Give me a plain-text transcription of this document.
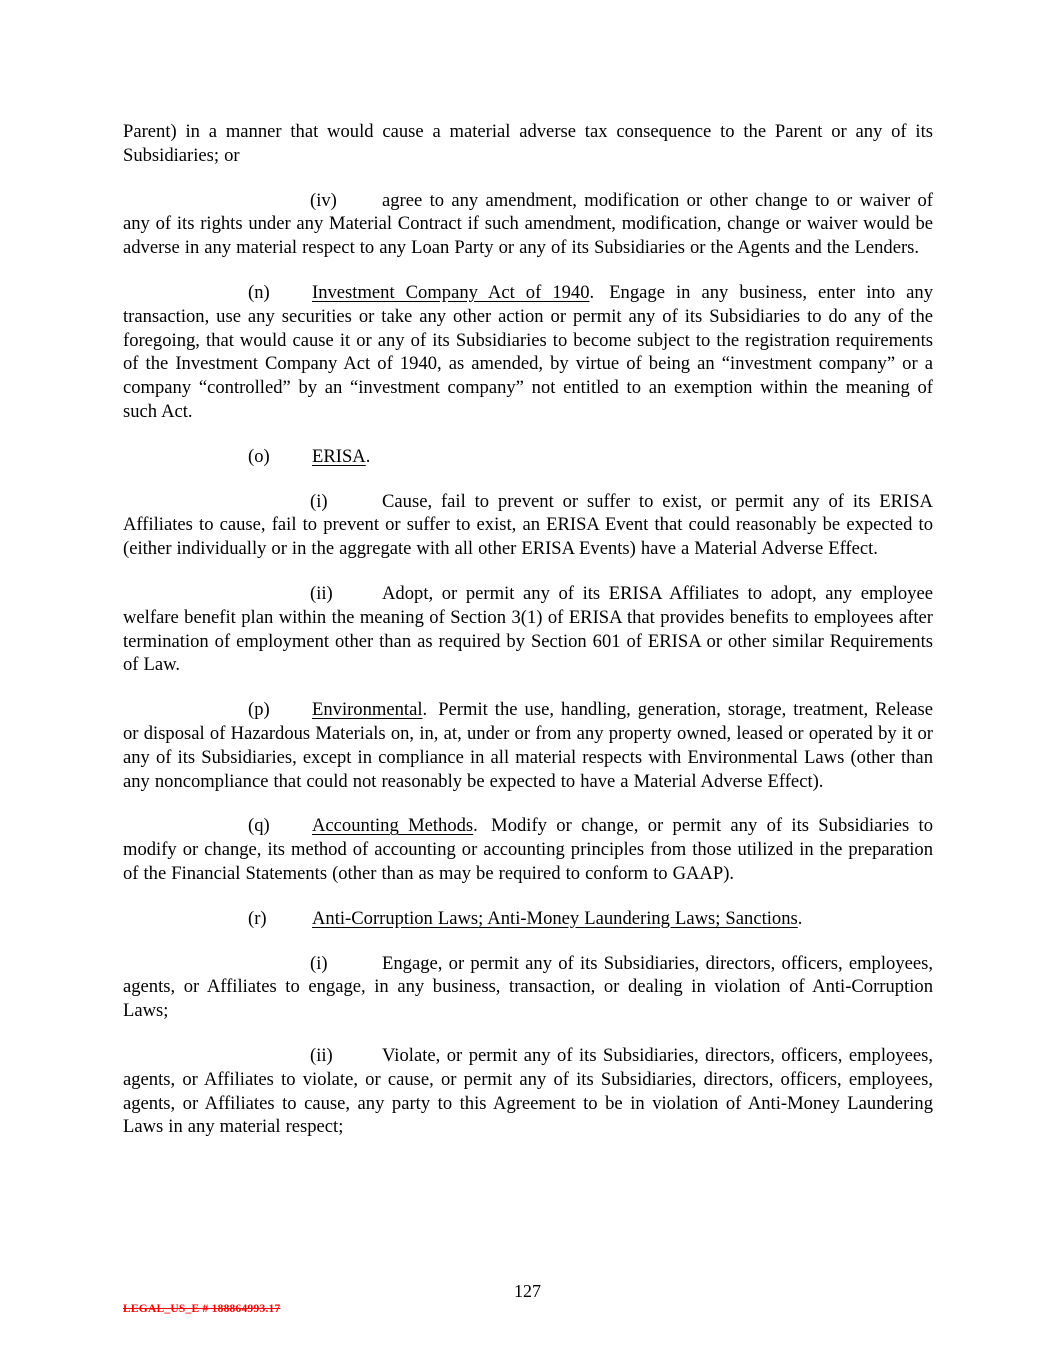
Parent) in a manner that would cause a material adverse tax consequence to the Parent or any of its Subsidiaries; or

(iv) agree to any amendment, modification or other change to or waiver of any of its rights under any Material Contract if such amendment, modification, change or waiver would be adverse in any material respect to any Loan Party or any of its Subsidiaries or the Agents and the Lenders.

(n) Investment Company Act of 1940. Engage in any business, enter into any transaction, use any securities or take any other action or permit any of its Subsidiaries to do any of the foregoing, that would cause it or any of its Subsidiaries to become subject to the registration requirements of the Investment Company Act of 1940, as amended, by virtue of being an “investment company” or a company “controlled” by an “investment company” not entitled to an exemption within the meaning of such Act.

(o) ERISA.

(i)	Cause, fail to prevent or suffer to exist, or permit any of its ERISA Affiliates to cause, fail to prevent or suffer to exist, an ERISA Event that could reasonably be expected to (either individually or in the aggregate with all other ERISA Events) have a Material Adverse Effect.

(ii)	Adopt, or permit any of its ERISA Affiliates to adopt, any employee welfare benefit plan within the meaning of Section 3(1) of ERISA that provides benefits to employees after termination of employment other than as required by Section 601 of ERISA or other similar Requirements of Law.

(p) Environmental. Permit the use, handling, generation, storage, treatment, Release or disposal of Hazardous Materials on, in, at, under or from any property owned, leased or operated by it or any of its Subsidiaries, except in compliance in all material respects with Environmental Laws (other than any noncompliance that could not reasonably be expected to have a Material Adverse Effect).

(q) Accounting Methods. Modify or change, or permit any of its Subsidiaries to modify or change, its method of accounting or accounting principles from those utilized in the preparation of the Financial Statements (other than as may be required to conform to GAAP).

(r) Anti-Corruption Laws; Anti-Money Laundering Laws; Sanctions.

(i)	Engage, or permit any of its Subsidiaries, directors, officers, employees, agents, or Affiliates to engage, in any business, transaction, or dealing in violation of Anti-Corruption Laws;

(ii)	Violate, or permit any of its Subsidiaries, directors, officers, employees, agents, or Affiliates to violate, or cause, or permit any of its Subsidiaries, directors, officers, employees, agents, or Affiliates to cause, any party to this Agreement to be in violation of Anti-Money Laundering Laws in any material respect;

127
LEGAL_US_E # 188864993.17
